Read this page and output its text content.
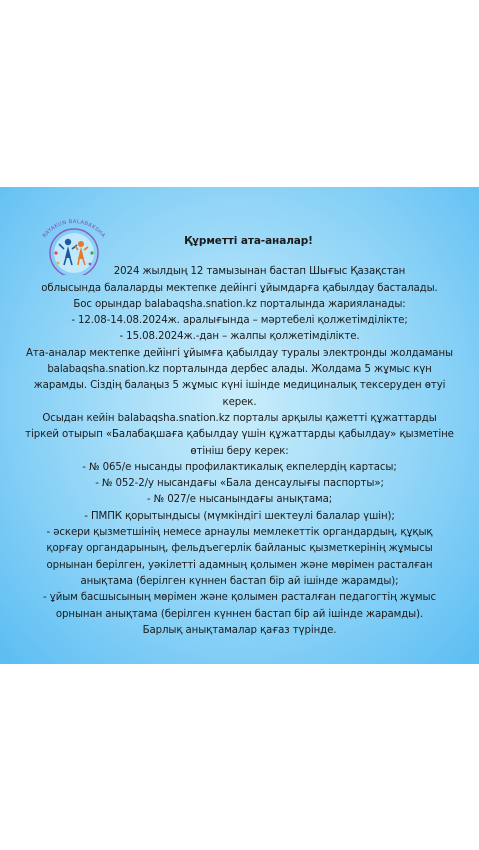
RAYAKUN BALABAKSHA	Құрметті ата-аналар!

2024 жылдың 12 тамызынан бастап Шығыс Қазақстан

облысында балаларды мектепке дейінгі ұйымдарға қабылдау басталады.

Бос орындар balabaqsha.snation.kz порталында жарияланады:

- 12.08-14.08.2024ж. аралығында – мәртебелі қолжетімділікте;

- 15.08.2024ж.-дан – жалпы қолжетімділікте.

Ата-аналар мектепке дейінгі ұйымға қабылдау туралы электронды жолдаманы

balabaqsha.snation.kz порталында дербес алады. Жолдама 5 жұмыс күн

жарамды. Сіздің балаңыз 5 жұмыс күні ішінде медициналық тексеруден өтуі

керек.

Осыдан кейін balabaqsha.snation.kz порталы арқылы қажетті құжаттарды

тіркей отырып «Балабақшаға қабылдау үшін құжаттарды қабылдау» қызметіне

өтініш беру керек:

- № 065/е нысанды профилактикалық екпелердің картасы;

- № 052-2/у нысандағы «Бала денсаулығы паспорты»;

- № 027/е нысанындағы анықтама;

- ПМПК қорытындысы (мүмкіндігі шектеулі балалар үшін);

- әскери қызметшінің немесе арнаулы мемлекеттік органдардың, құқық

қорғау органдарының, фельдъегерлік байланыс қызметкерінің жұмысы

орнынан берілген, уәкілетті адамның қолымен және мөрімен расталған

анықтама (берілген күннен бастап бір ай ішінде жарамды);

- ұйым басшысының мөрімен және қолымен расталған педагогтің жұмыс

орнынан анықтама (берілген күннен бастап бір ай ішінде жарамды).

Барлық анықтамалар қағаз түрінде.
